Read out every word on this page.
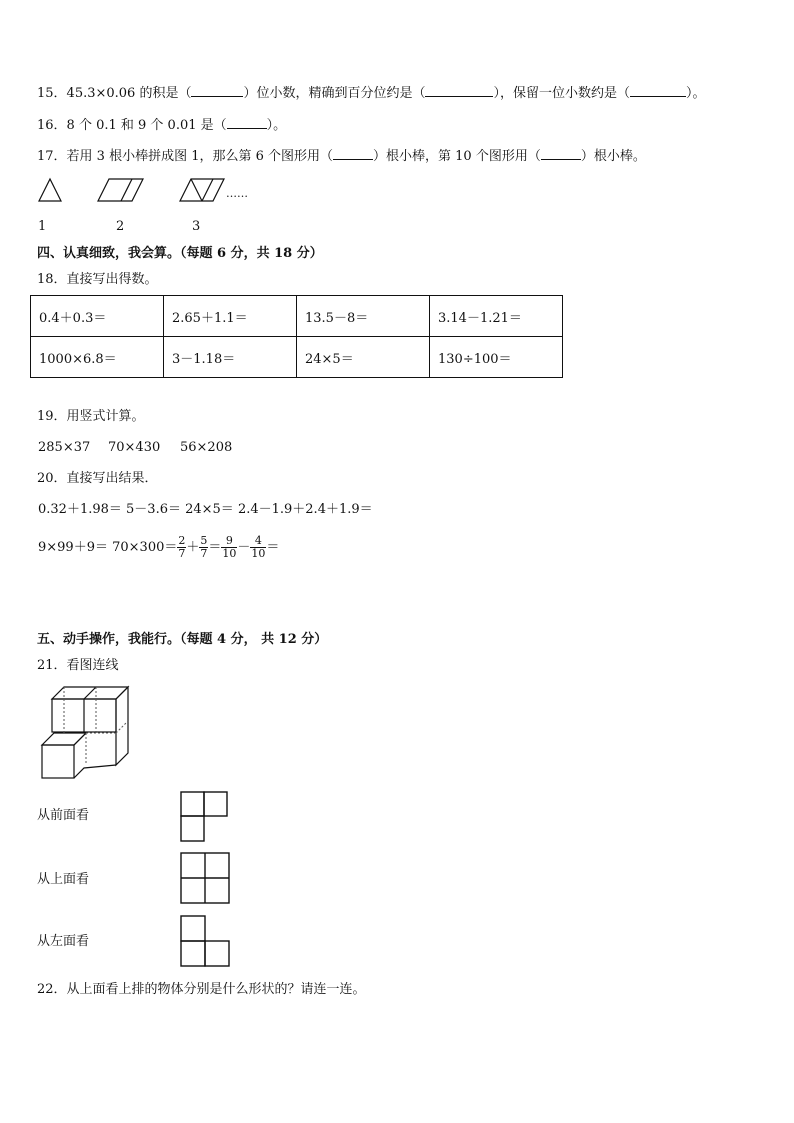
15．45.3×0.06 的积是（	）位小数，精确到百分位约是（	），保留一位小数约是（	）。
16．8 个 0.1 和 9 个 0.01 是（	）。
17．若用 3 根小棒拼成图 1，那么第 6 个图形用（	）根小棒，第 10 个图形用（	）根小棒。
……
1	2	3
四、认真细致，我会算。（每题 6 分，共 18 分）
18．直接写出得数。
0.4＋0.3＝	2.65＋1.1＝	13.5－8＝	3.14－1.21＝
1000×6.8＝	3－1.18＝	24×5＝	130÷100＝
19．用竖式计算。
285×37 70×430 56×208
20．直接写出结果．
0.32＋1.98＝ 5－3.6＝ 24×5＝ 2.4－1.9＋2.4＋1.9＝
$9\times 99+9= 70\times 300= \frac{2}{7} + \frac{5}{7} = \frac{9}{10} - \frac{4}{10}$ ＝
五、动手操作，我能行。（每题 4 分， 共 12 分）
21．看图连线
从前面看
从上面看
从左面看
22．从上面看上排的物体分别是什么形状的？请连一连。
